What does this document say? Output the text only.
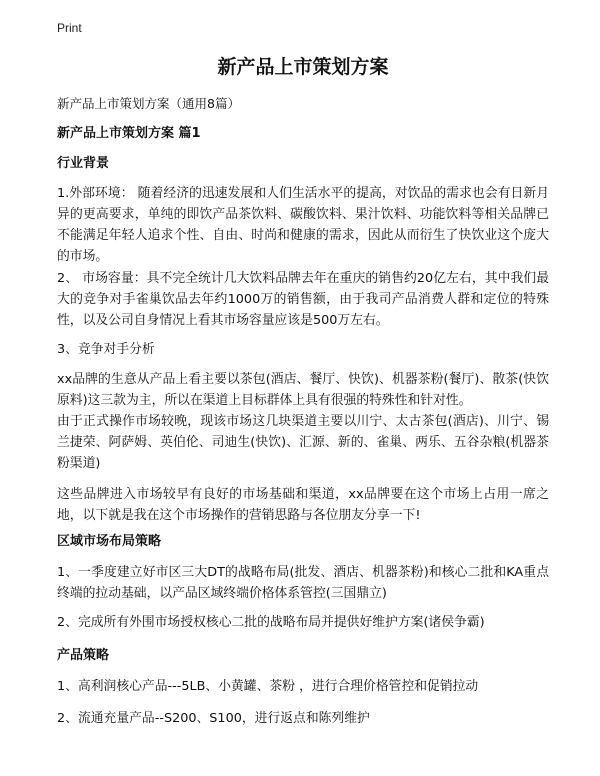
Print
新产品上市策划方案
新产品上市策划方案（通用8篇）
新产品上市策划方案 篇1
行业背景
1.外部环境： 随着经济的迅速发展和人们生活水平的提高，对饮品的需求也会有日新月异的更高要求，单纯的即饮产品茶饮料、碳酸饮料、果汁饮料、功能饮料等相关品牌已不能满足年轻人追求个性、自由、时尚和健康的需求，因此从而衍生了快饮业这个庞大的市场。
2、 市场容量：具不完全统计几大饮料品牌去年在重庆的销售约20亿左右，其中我们最大的竞争对手雀巢饮品去年约1000万的销售额，由于我司产品消费人群和定位的特殊性，以及公司自身情况上看其市场容量应该是500万左右。
3、竞争对手分析
xx品牌的生意从产品上看主要以茶包(酒店、餐厅、快饮)、机器茶粉(餐厅)、散茶(快饮原料)这三款为主，所以在渠道上目标群体上具有很强的特殊性和针对性。
由于正式操作市场较晚，现该市场这几块渠道主要以川宁、太古茶包(酒店)、川宁、锡兰捷荣、阿萨姆、英伯伦、司迪生(快饮)、汇源、新的、雀巢、两乐、五谷杂粮(机器茶粉渠道)
这些品牌进入市场较早有良好的市场基础和渠道，xx品牌要在这个市场上占用一席之地，以下就是我在这个市场操作的营销思路与各位朋友分享一下!
区域市场布局策略
1、一季度建立好市区三大DT的战略布局(批发、酒店、机器茶粉)和核心二批和KA重点终端的拉动基础，以产品区域终端价格体系管控(三国鼎立)
2、完成所有外围市场授权核心二批的战略布局并提供好维护方案(诸侯争霸)
产品策略
1、高利润核心产品---5LB、小黄罐、茶粉 ，进行合理价格管控和促销拉动
2、流通充量产品--S200、S100，进行返点和陈列维护
